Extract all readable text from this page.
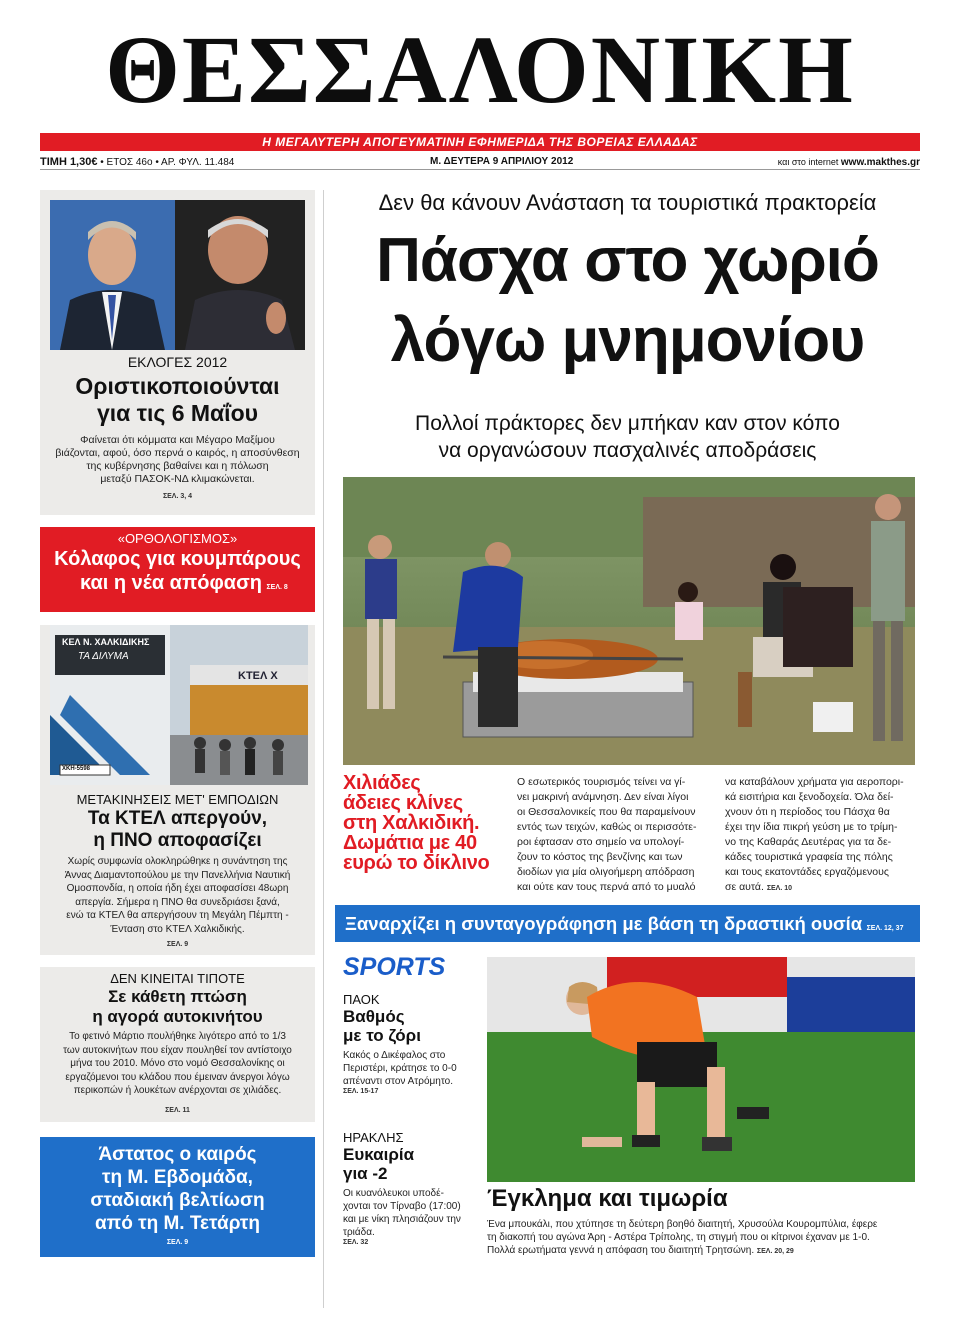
ΘΕΣΣΑΛΟΝΙΚΗ
Η ΜΕΓΑΛΥΤΕΡΗ ΑΠΟΓΕΥΜΑΤΙΝΗ ΕΦΗΜΕΡΙΔΑ ΤΗΣ ΒΟΡΕΙΑΣ ΕΛΛΑΔΑΣ
ΤΙΜΗ 1,30€ • ΕΤΟΣ 46ο • ΑΡ. ΦΥΛ. 11.484	Μ. ΔΕΥΤΕΡΑ 9 ΑΠΡΙΛΙΟΥ 2012	και στο internet www.makthes.gr
ΕΚΛΟΓΕΣ 2012
Οριστικοποιούνται
για τις 6 Μαΐου
Φαίνεται ότι κόμματα και Μέγαρο Μαξίμου
βιάζονται, αφού, όσο περνά ο καιρός, η αποσύνθεση
της κυβέρνησης βαθαίνει και η πόλωση
μεταξύ ΠΑΣΟΚ-ΝΔ κλιμακώνεται.
ΣΕΛ. 3, 4
«ΟΡΘΟΛΟΓΙΣΜΟΣ»
Κόλαφος για κουμπάρους
και η νέα απόφαση ΣΕΛ. 8
ΚΕΛ Ν. ΧΑΛΚΙΔΙΚΗΣ
ΤΑ ΔΙΛΥΜΑ
ΚΤΕΛ Χ
ΧΚΗ-5598
ΜΕΤΑΚΙΝΗΣΕΙΣ ΜΕΤ' ΕΜΠΟΔΙΩΝ
Τα ΚΤΕΛ απεργούν,
η ΠΝΟ αποφασίζει
Χωρίς συμφωνία ολοκληρώθηκε η συνάντηση της
Άννας Διαμαντοπούλου με την Πανελλήνια Ναυτική
Ομοσπονδία, η οποία ήδη έχει αποφασίσει 48ωρη
απεργία. Σήμερα η ΠΝΟ θα συνεδριάσει ξανά,
ενώ τα ΚΤΕΛ θα απεργήσουν τη Μεγάλη Πέμπτη -
Ένταση στο ΚΤΕΛ Χαλκιδικής.
ΣΕΛ. 9
ΔΕΝ ΚΙΝΕΙΤΑΙ ΤΙΠΟΤΕ
Σε κάθετη πτώση
η αγορά αυτοκινήτου
Το φετινό Μάρτιο πουλήθηκε λιγότερο από το 1/3
των αυτοκινήτων που είχαν πουληθεί τον αντίστοιχο
μήνα του 2010. Μόνο στο νομό Θεσσαλονίκης οι
εργαζόμενοι του κλάδου που έμειναν άνεργοι λόγω
περικοπών ή λουκέτων ανέρχονται σε χιλιάδες.
ΣΕΛ. 11
Άστατος ο καιρός
τη Μ. Εβδομάδα,
σταδιακή βελτίωση
από τη Μ. Τετάρτη
ΣΕΛ. 9
Δεν θα κάνουν Ανάσταση τα τουριστικά πρακτορεία
Πάσχα στο χωριό
λόγω μνημονίου
Πολλοί πράκτορες δεν μπήκαν καν στον κόπο
να οργανώσουν πασχαλινές αποδράσεις
Χιλιάδες
άδειες κλίνες
στη Χαλκιδική.
Δωμάτια με 40
ευρώ το δίκλινο
Ο εσωτερικός τουρισμός τείνει να γί-
νει μακρινή ανάμνηση. Δεν είναι λίγοι
οι Θεσσαλονικείς που θα παραμείνουν
εντός των τειχών, καθώς οι περισσότε-
ροι έφτασαν στο σημείο να υπολογί-
ζουν το κόστος της βενζίνης και των
διοδίων για μία ολιγοήμερη απόδραση
και ούτε καν τους περνά από το μυαλό
να καταβάλουν χρήματα για αεροπορι-
κά εισιτήρια και ξενοδοχεία. Όλα δεί-
χνουν ότι η περίοδος του Πάσχα θα
έχει την ίδια πικρή γεύση με το τρίμη-
νο της Καθαράς Δευτέρας για τα δε-
κάδες τουριστικά γραφεία της πόλης
και τους εκατοντάδες εργαζόμενους
σε αυτά. ΣΕΛ. 10
Ξαναρχίζει η συνταγογράφηση με βάση τη δραστική ουσία ΣΕΛ. 12, 37
SPORTS
ΠΑΟΚ
Βαθμός
με το ζόρι
Κακός ο Δικέφαλος στο
Περιστέρι, κράτησε το 0-0
απέναντι στον Ατρόμητο.
ΣΕΛ. 15-17
ΗΡΑΚΛΗΣ
Ευκαιρία
για -2
Οι κυανόλευκοι υποδέ-
χονται τον Τίρναβο (17:00)
και με νίκη πλησιάζουν την
τριάδα.
ΣΕΛ. 32
Έγκλημα και τιμωρία
Ένα μπουκάλι, που χτύπησε τη δεύτερη βοηθό διαιτητή, Χρυσούλα Κουρομπύλια, έφερε
τη διακοπή του αγώνα Άρη - Αστέρα Τρίπολης, τη στιγμή που οι κίτρινοι έχαναν με 1-0.
Πολλά ερωτήματα γεννά η απόφαση του διαιτητή Τρητσώνη. ΣΕΛ. 20, 29
